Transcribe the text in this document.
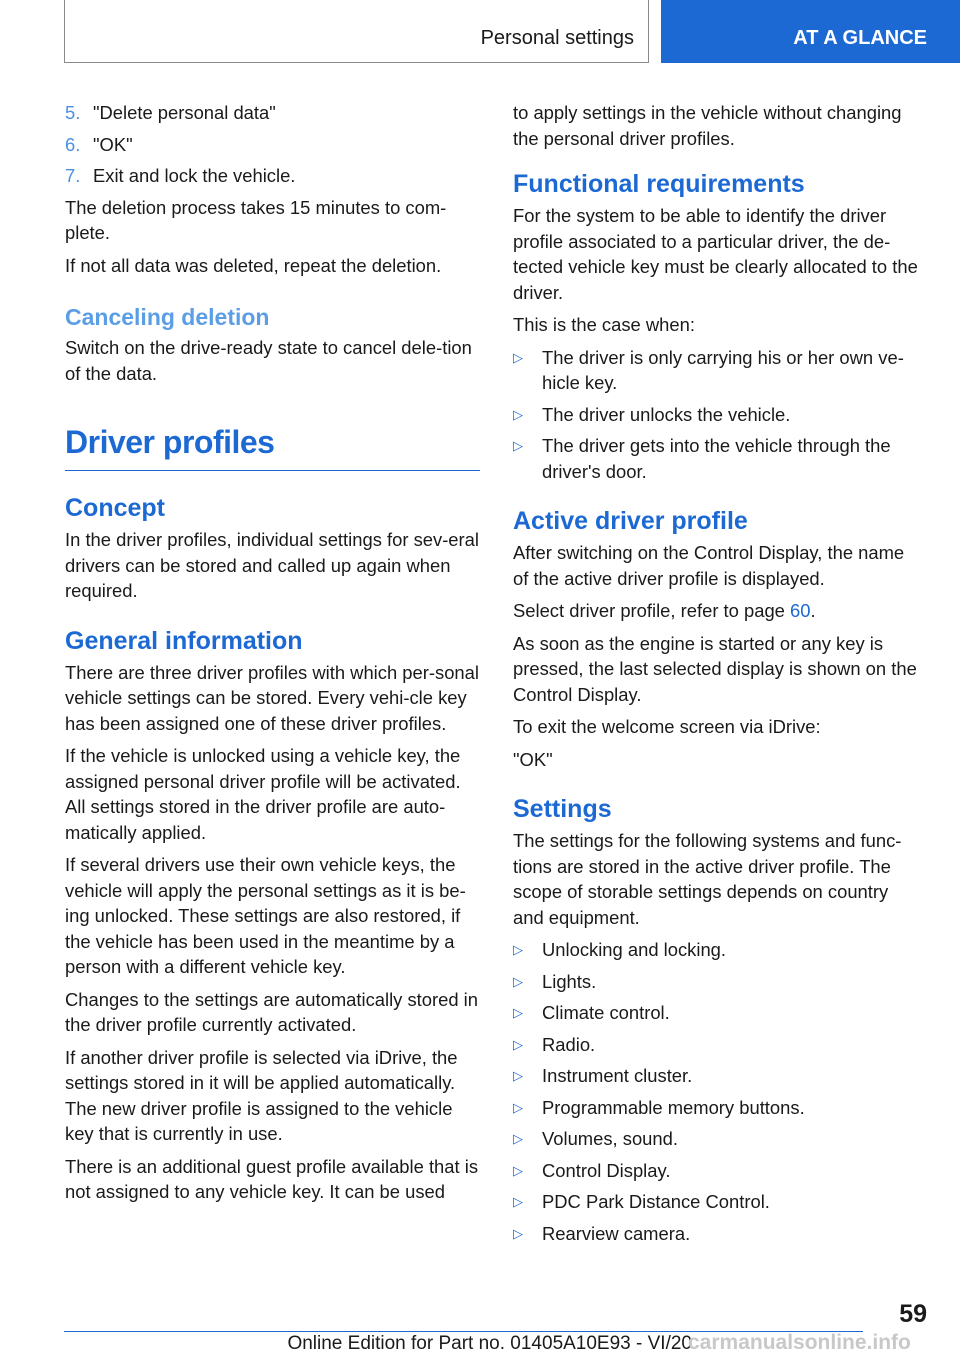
Personal settings	AT A GLANCE
5. "Delete personal data"
6. "OK"
7. Exit and lock the vehicle.

The deletion process takes 15 minutes to com‐plete.

If not all data was deleted, repeat the deletion.

Canceling deletion

Switch on the drive-ready state to cancel dele‐tion of the data.

Driver profiles
Concept

In the driver profiles, individual settings for sev‐eral drivers can be stored and called up again when required.

General information

There are three driver profiles with which per‐sonal vehicle settings can be stored. Every vehi‐cle key has been assigned one of these driver profiles.

If the vehicle is unlocked using a vehicle key, the assigned personal driver profile will be activated. All settings stored in the driver profile are auto‐matically applied.

If several drivers use their own vehicle keys, the vehicle will apply the personal settings as it is be‐ing unlocked. These settings are also restored, if the vehicle has been used in the meantime by a person with a different vehicle key.

Changes to the settings are automatically stored in the driver profile currently activated.

If another driver profile is selected via iDrive, the settings stored in it will be applied automatically. The new driver profile is assigned to the vehicle key that is currently in use.

There is an additional guest profile available that is not assigned to any vehicle key. It can be used

to apply settings in the vehicle without changing the personal driver profiles.

Functional requirements

For the system to be able to identify the driver profile associated to a particular driver, the de‐tected vehicle key must be clearly allocated to the driver.

This is the case when:

▷	The driver is only carrying his or her own ve‐hicle key.
▷	The driver unlocks the vehicle.
▷	The driver gets into the vehicle through the driver's door.
Active driver profile

After switching on the Control Display, the name of the active driver profile is displayed.

Select driver profile, refer to page 60.

As soon as the engine is started or any key is pressed, the last selected display is shown on the Control Display.

To exit the welcome screen via iDrive:

"OK"

Settings

The settings for the following systems and func‐tions are stored in the active driver profile. The scope of storable settings depends on country and equipment.

▷	Unlocking and locking.
▷	Lights.
▷	Climate control.
▷	Radio.
▷	Instrument cluster.
▷	Programmable memory buttons.
▷	Volumes, sound.
▷	Control Display.
▷	PDC Park Distance Control.
▷	Rearview camera.
59
Online Edition for Part no. 01405A10E93 - VI/20
carmanualsonline.info
